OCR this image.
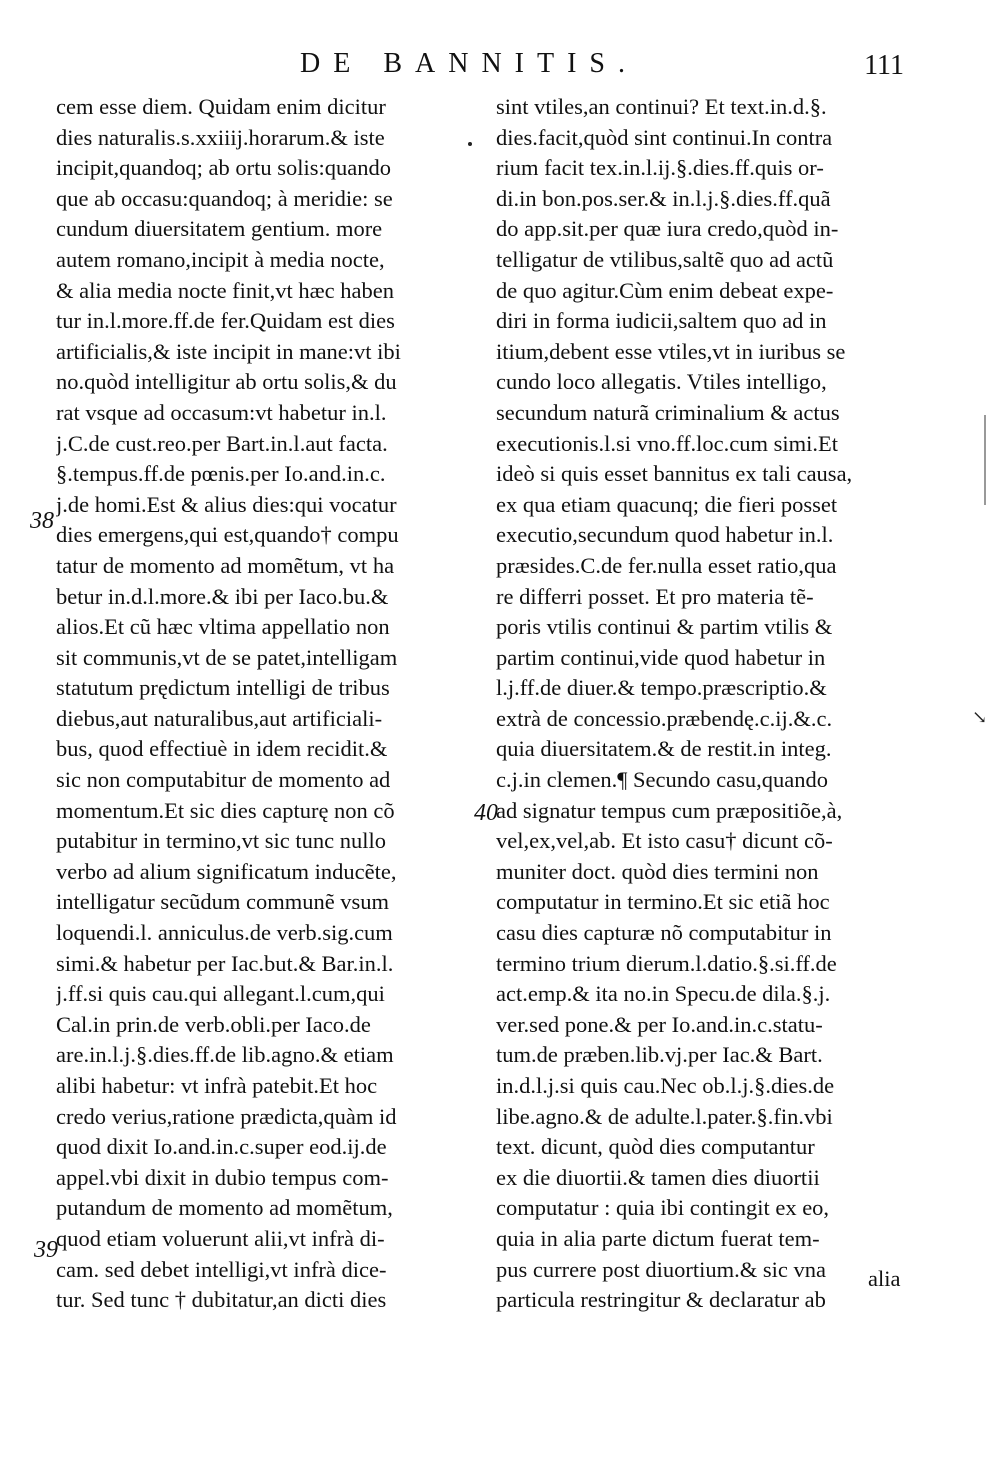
DE BANNITIS.	111
cem esse diem. Quidam enim dicitur
dies naturalis.s.xxiiij.horarum.& iste
incipit,quandoq; ab ortu solis:quando
que ab occasu:quandoq; à meridie: se
cundum diuersitatem gentium. more
autem romano,incipit à media nocte,
& alia media nocte finit,vt hæc haben
tur in.l.more.ff.de fer.Quidam est dies
artificialis,& iste incipit in mane:vt ibi
no.quòd intelligitur ab ortu solis,& du
rat vsque ad occasum:vt habetur in.l.
j.C.de cust.reo.per Bart.in.l.aut facta.
§.tempus.ff.de pœnis.per Io.and.in.c.
j.de homi.Est & alius dies:qui vocatur
dies emergens,qui est,quando† compu
tatur de momento ad momẽtum, vt ha
betur in.d.l.more.& ibi per Iaco.bu.&
alios.Et cũ hæc vltima appellatio non
sit communis,vt de se patet,intelligam
statutum prędictum intelligi de tribus
diebus,aut naturalibus,aut artificiali-
bus, quod effectiuè in idem recidit.&
sic non computabitur de momento ad
momentum.Et sic dies capturę non cõ
putabitur in termino,vt sic tunc nullo
verbo ad alium significatum inducẽte,
intelligatur secũdum communẽ vsum
loquendi.l. anniculus.de verb.sig.cum
simi.& habetur per Iac.but.& Bar.in.l.
j.ff.si quis cau.qui allegant.l.cum,qui
Cal.in prin.de verb.obli.per Iaco.de
are.in.l.j.§.dies.ff.de lib.agno.& etiam
alibi habetur: vt infrà patebit.Et hoc
credo verius,ratione prædicta,quàm id
quod dixit Io.and.in.c.super eod.ij.de
appel.vbi dixit in dubio tempus com-
putandum de momento ad momẽtum,
quod etiam voluerunt alii,vt infrà di-
cam. sed debet intelligi,vt infrà dice-
tur. Sed tunc † dubitatur,an dicti dies
sint vtiles,an continui? Et text.in.d.§.
dies.facit,quòd sint continui.In contra
rium facit tex.in.l.ij.§.dies.ff.quis or-
di.in bon.pos.ser.& in.l.j.§.dies.ff.quã
do app.sit.per quæ iura credo,quòd in-
telligatur de vtilibus,saltẽ quo ad actũ
de quo agitur.Cùm enim debeat expe-
diri in forma iudicii,saltem quo ad in
itium,debent esse vtiles,vt in iuribus se
cundo loco allegatis. Vtiles intelligo,
secundum naturã criminalium & actus
executionis.l.si vno.ff.loc.cum simi.Et
ideò si quis esset bannitus ex tali causa,
ex qua etiam quacunq; die fieri posset
executio,secundum quod habetur in.l.
præsides.C.de fer.nulla esset ratio,qua
re differri posset. Et pro materia tẽ-
poris vtilis continui & partim vtilis &
partim continui,vide quod habetur in
l.j.ff.de diuer.& tempo.præscriptio.&
extrà de concessio.præbendę.c.ij.&.c.
quia diuersitatem.& de restit.in integ.
c.j.in clemen.¶ Secundo casu,quando
ad signatur tempus cum præpositiõe,à,
vel,ex,vel,ab. Et isto casu† dicunt cõ-
muniter doct. quòd dies termini non
computatur in termino.Et sic etiã hoc
casu dies capturæ nõ computabitur in
termino trium dierum.l.datio.§.si.ff.de
act.emp.& ita no.in Specu.de dila.§.j.
ver.sed pone.& per Io.and.in.c.statu-
tum.de præben.lib.vj.per Iac.& Bart.
in.d.l.j.si quis cau.Nec ob.l.j.§.dies.de
libe.agno.& de adulte.l.pater.§.fin.vbi
text. dicunt, quòd dies computantur
ex die diuortii.& tamen dies diuortii
computatur : quia ibi contingit ex eo,
quia in alia parte dictum fuerat tem-
pus currere post diuortium.& sic vna
particula restringitur & declaratur ab
38
39
40
alia
↘
